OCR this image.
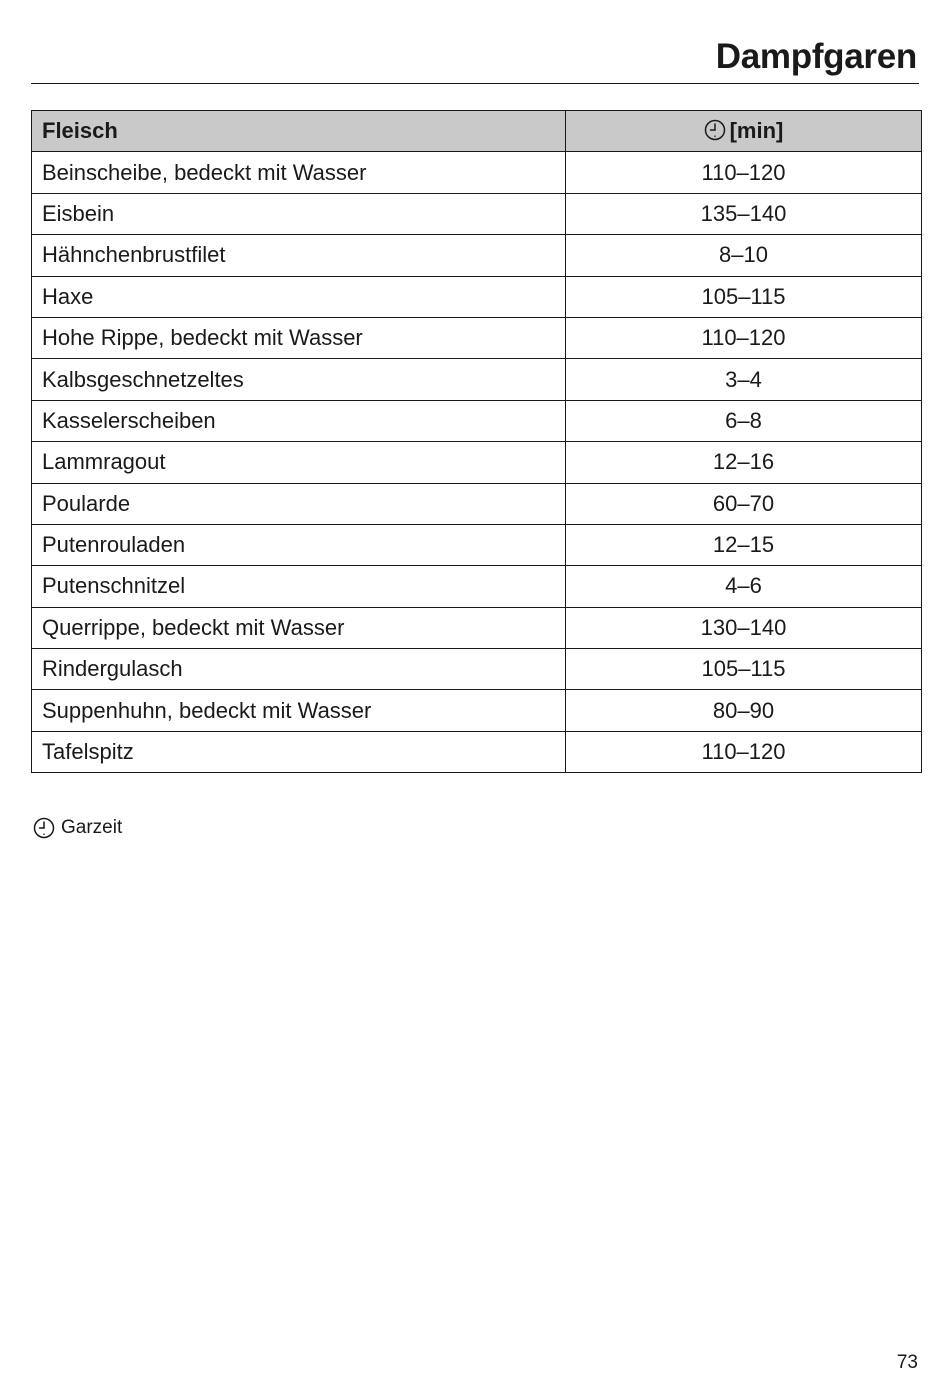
Dampfgaren
Fleisch	[min]
Beinscheibe, bedeckt mit Wasser	110–120
Eisbein	135–140
Hähnchenbrustfilet	8–10
Haxe	105–115
Hohe Rippe, bedeckt mit Wasser	110–120
Kalbsgeschnetzeltes	3–4
Kasselerscheiben	6–8
Lammragout	12–16
Poularde	60–70
Putenrouladen	12–15
Putenschnitzel	4–6
Querrippe, bedeckt mit Wasser	130–140
Rindergulasch	105–115
Suppenhuhn, bedeckt mit Wasser	80–90
Tafelspitz	110–120
Garzeit
73
